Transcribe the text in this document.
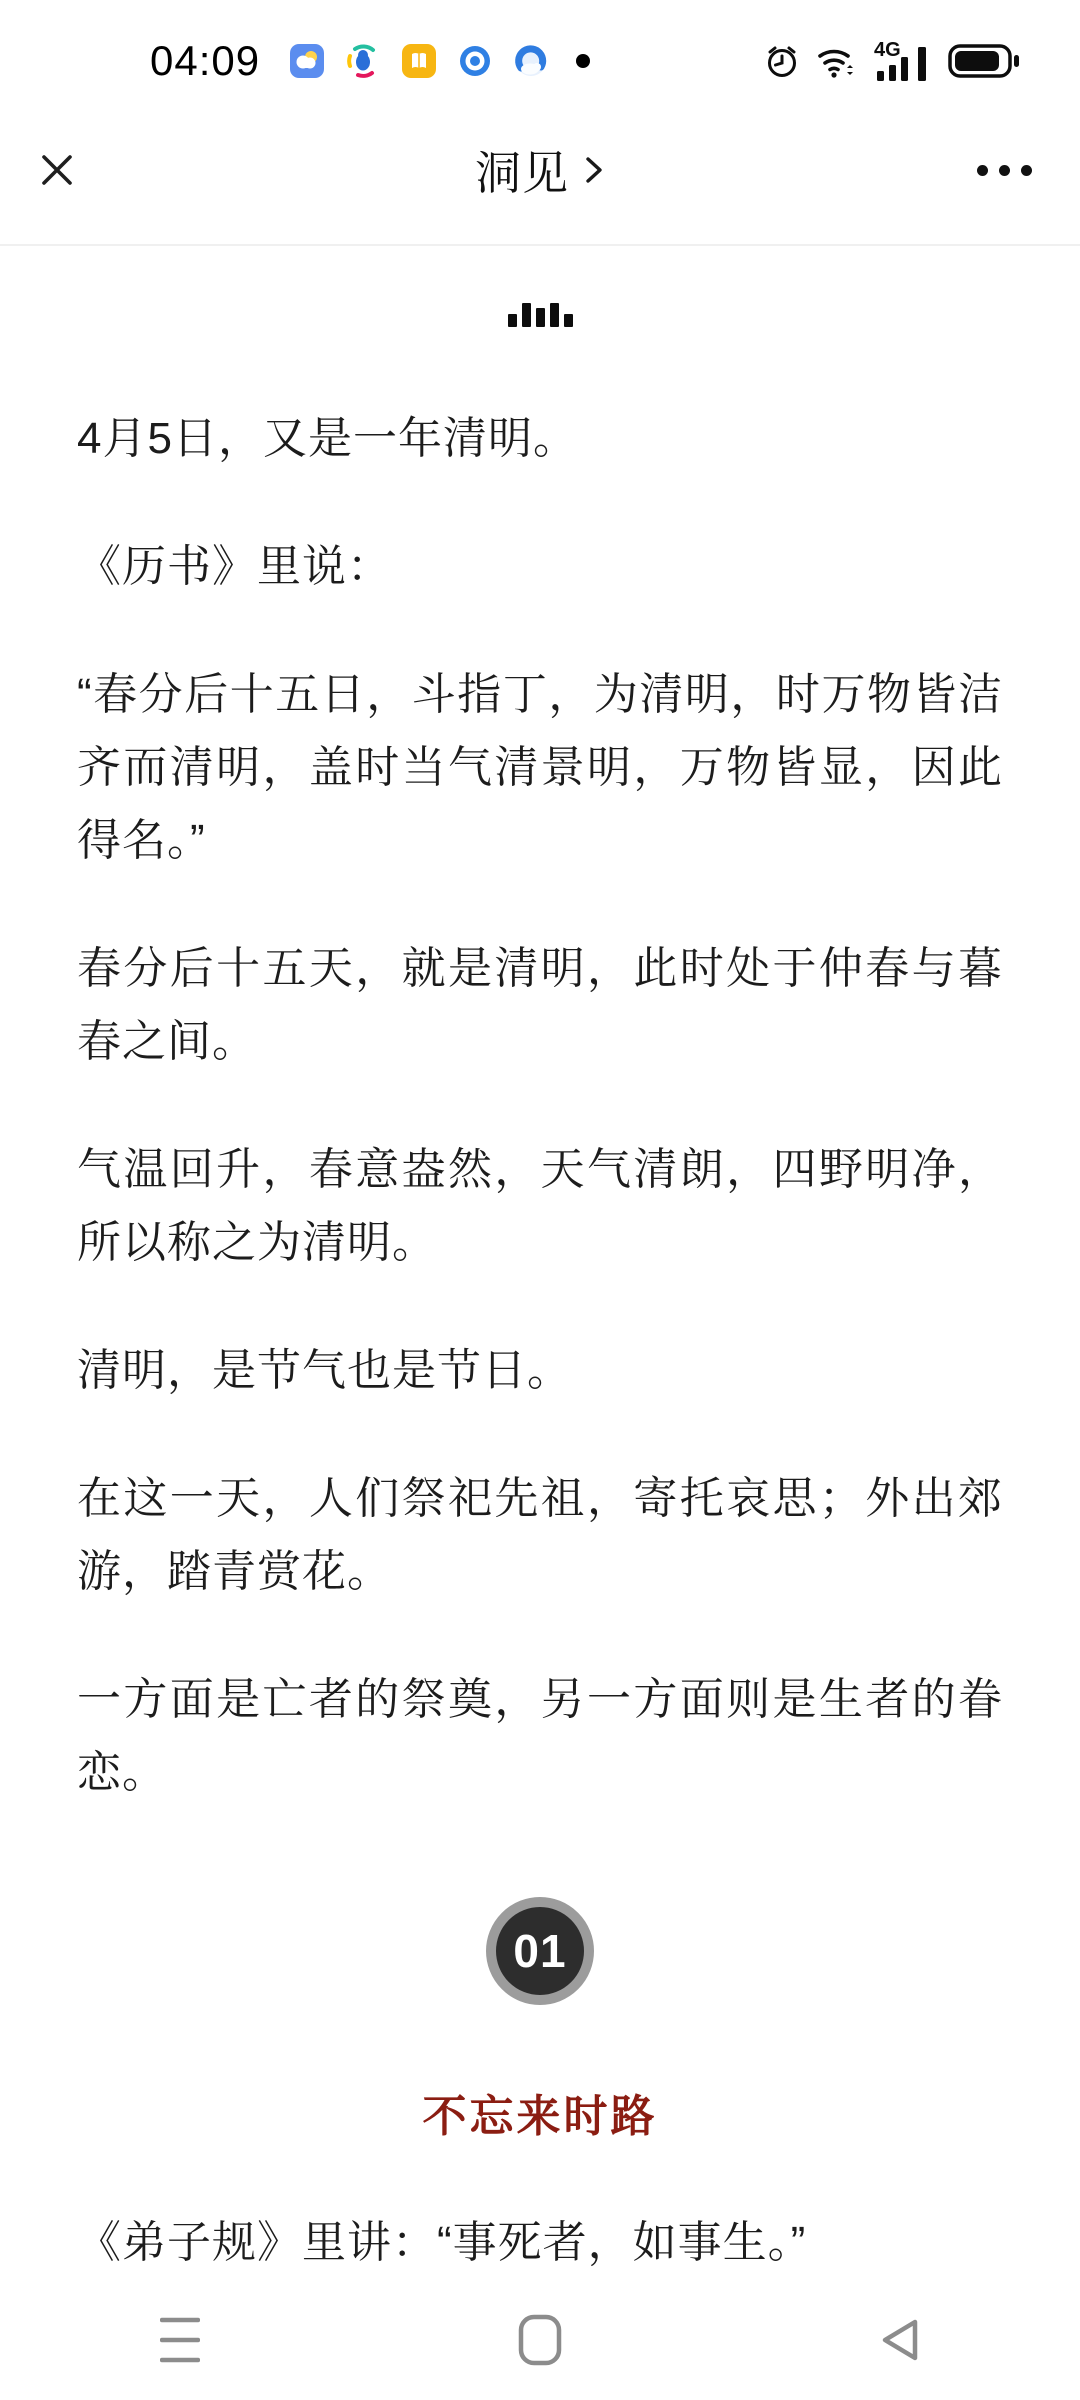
04:09	4G
洞见

4月5日，又是一年清明。

《历书》里说：

“春分后十五日，斗指丁，为清明，时万物皆洁齐而清明，盖时当气清景明，万物皆显，因此得名。”

春分后十五天，就是清明，此时处于仲春与暮春之间。

气温回升，春意盎然，天气清朗，四野明净，所以称之为清明。

清明，是节气也是节日。

在这一天，人们祭祀先祖，寄托哀思；外出郊游，踏青赏花。

一方面是亡者的祭奠，另一方面则是生者的眷恋。

01
不忘来时路

《弟子规》里讲：“事死者，如事生。”
